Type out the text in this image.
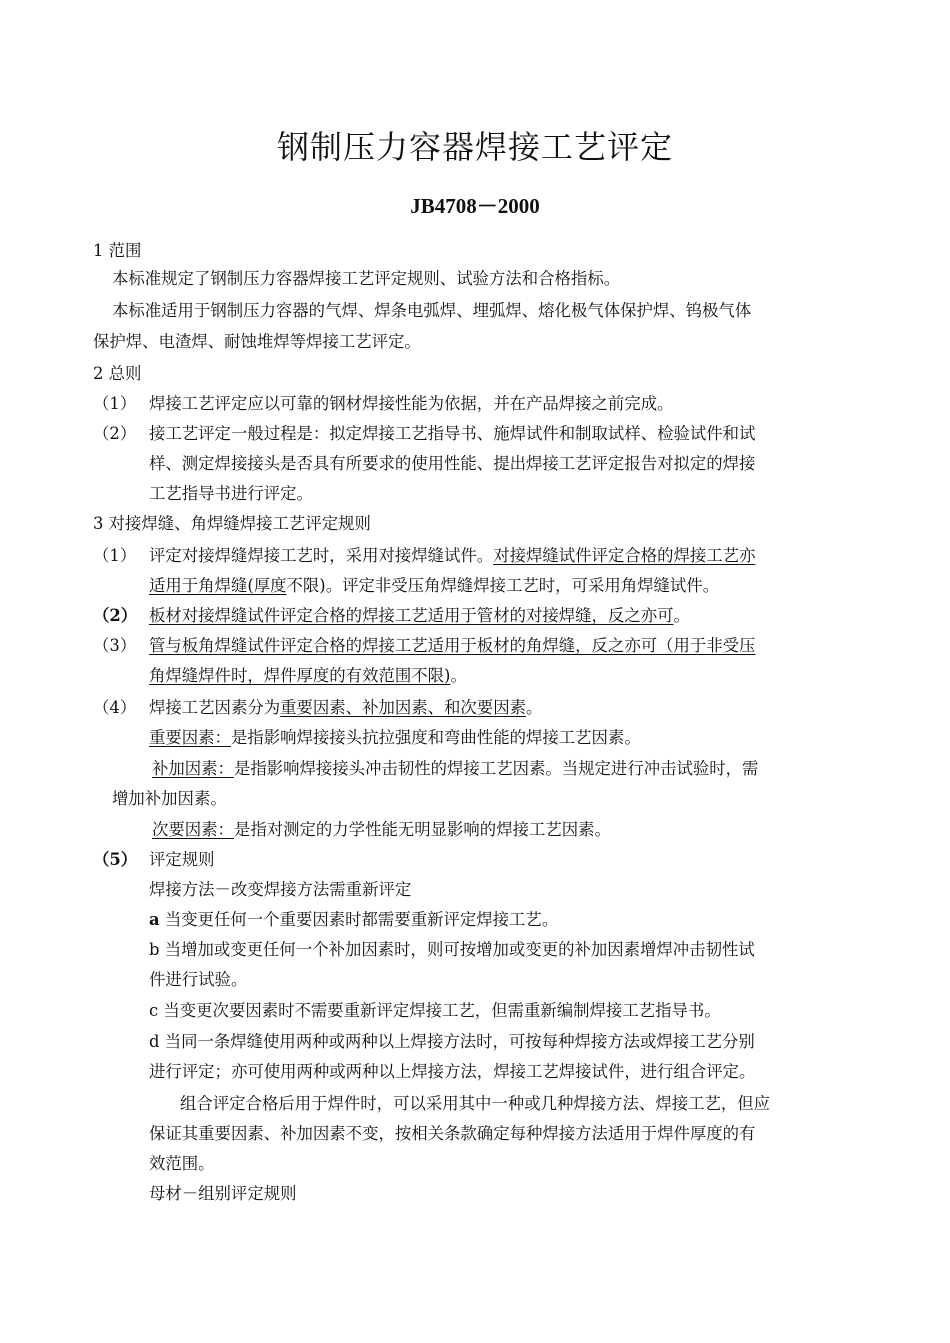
钢制压力容器焊接工艺评定
JB4708－2000
1 范围
本标准规定了钢制压力容器焊接工艺评定规则、试验方法和合格指标。
本标准适用于钢制压力容器的气焊、焊条电弧焊、埋弧焊、熔化极气体保护焊、钨极气体
保护焊、电渣焊、耐蚀堆焊等焊接工艺评定。
2 总则
（1） 焊接工艺评定应以可靠的钢材焊接性能为依据，并在产品焊接之前完成。
（2） 接工艺评定一般过程是：拟定焊接工艺指导书、施焊试件和制取试样、检验试件和试
样、测定焊接接头是否具有所要求的使用性能、提出焊接工艺评定报告对拟定的焊接
工艺指导书进行评定。
3 对接焊缝、角焊缝焊接工艺评定规则
（1） 评定对接焊缝焊接工艺时，采用对接焊缝试件。对接焊缝试件评定合格的焊接工艺亦
适用于角焊缝(厚度不限)。评定非受压角焊缝焊接工艺时，可采用角焊缝试件。
（2） 板材对接焊缝试件评定合格的焊接工艺适用于管材的对接焊缝，反之亦可。
（3） 管与板角焊缝试件评定合格的焊接工艺适用于板材的角焊缝，反之亦可（用于非受压
角焊缝焊件时，焊件厚度的有效范围不限)。
（4） 焊接工艺因素分为重要因素、补加因素、和次要因素。
重要因素：是指影响焊接接头抗拉强度和弯曲性能的焊接工艺因素。
补加因素：是指影响焊接接头冲击韧性的焊接工艺因素。当规定进行冲击试验时，需
增加补加因素。
次要因素：是指对测定的力学性能无明显影响的焊接工艺因素。
（5） 评定规则
焊接方法－改变焊接方法需重新评定
a 当变更任何一个重要因素时都需要重新评定焊接工艺。
b 当增加或变更任何一个补加因素时，则可按增加或变更的补加因素增焊冲击韧性试
件进行试验。
c 当变更次要因素时不需要重新评定焊接工艺，但需重新编制焊接工艺指导书。
d 当同一条焊缝使用两种或两种以上焊接方法时，可按每种焊接方法或焊接工艺分别
进行评定；亦可使用两种或两种以上焊接方法，焊接工艺焊接试件，进行组合评定。
组合评定合格后用于焊件时，可以采用其中一种或几种焊接方法、焊接工艺，但应
保证其重要因素、补加因素不变，按相关条款确定每种焊接方法适用于焊件厚度的有
效范围。
母材－组别评定规则
